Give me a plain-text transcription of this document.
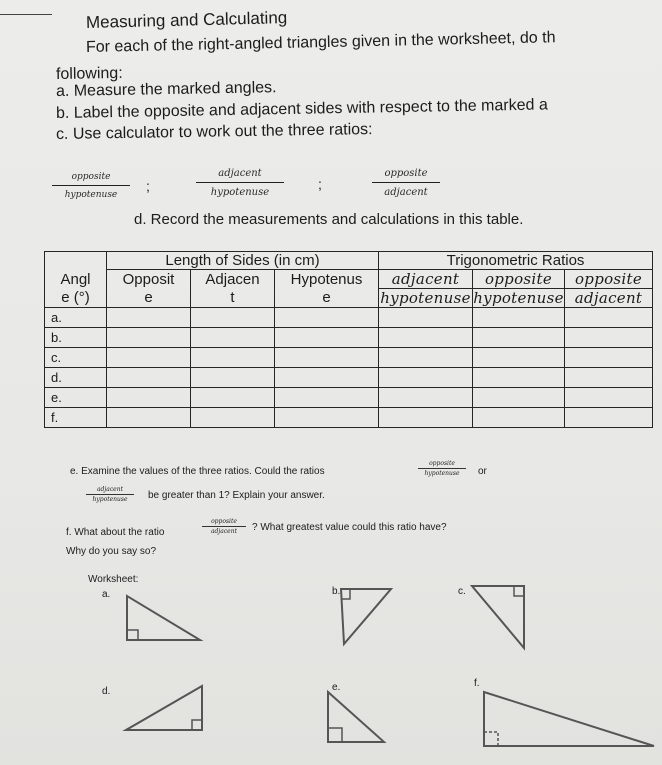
Measuring and Calculating
For each of the right-angled triangles given in the worksheet, do th
following:
a. Measure the marked angles.
b. Label the opposite and adjacent sides with respect to the marked a
c. Use calculator to work out the three ratios:
opposite
hypotenuse
;
adjacent
hypotenuse
;
opposite
adjacent
d. Record the measurements and calculations in this table.
	Length of Sides (in cm)			Trigonometric Ratios		
Angl	Opposit	Adjacen	Hypotenus	adjacent	opposite	opposite
e (°)	e	t	e	hypotenuse	hypotenuse	adjacent
a.						
b.						
c.						
d.						
e.						
f.						
e. Examine the values of the three ratios. Could the ratios
opposite
hypotenuse	or
adjacent
hypotenuse	be greater than 1? Explain your answer.
f. What about the ratio
opposite
adjacent	? What greatest value could this ratio have?
Why do you say so?
Worksheet:
a.	b.	c.
d.	e.	f.
